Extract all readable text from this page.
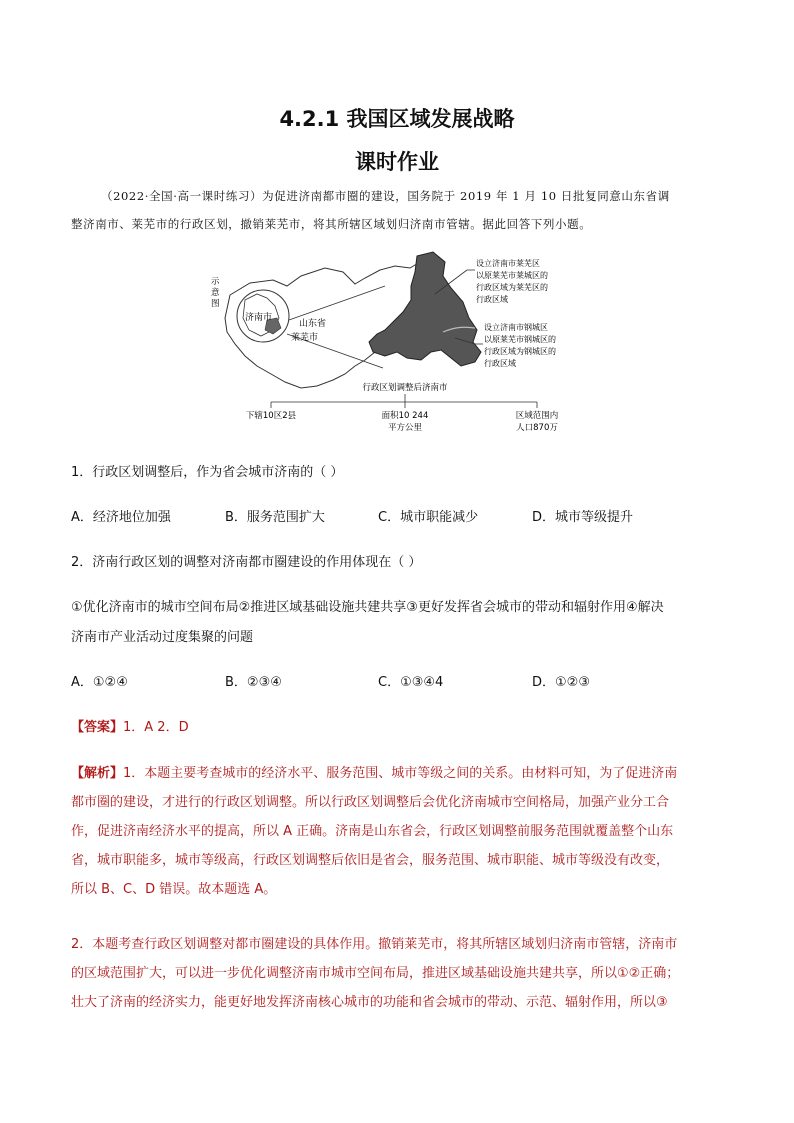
4.2.1 我国区域发展战略
课时作业
（2022·全国·高一课时练习）为促进济南都市圈的建设，国务院于 2019 年 1 月 10 日批复同意山东省调
整济南市、莱芜市的行政区划，撤销莱芜市，将其所辖区域划归济南市管辖。据此回答下列小题。
示
意
图
济南市
山东省
莱芜市
设立济南市莱芜区
以原莱芜市莱城区的
行政区域为莱芜区的
行政区域
设立济南市钢城区
以原莱芜市钢城区的
行政区域为钢城区的
行政区域
行政区划调整后济南市
下辖10区2县	面积10 244
平方公里
区域范围内
人口870万
1．行政区划调整后，作为省会城市济南的（ ）
A．经济地位加强	B．服务范围扩大	C．城市职能减少	D．城市等级提升
2．济南行政区划的调整对济南都市圈建设的作用体现在（ ）
①优化济南市的城市空间布局②推进区域基础设施共建共享③更好发挥省会城市的带动和辐射作用④解决
济南市产业活动过度集聚的问题
A．①②④	B．②③④	C．①③④4	D．①②③
【答案】1．A 2．D

【解析】1．本题主要考查城市的经济水平、服务范围、城市等级之间的关系。由材料可知，为了促进济南

都市圈的建设，才进行的行政区划调整。所以行政区划调整后会优化济南城市空间格局，加强产业分工合

作，促进济南经济水平的提高，所以 A 正确。济南是山东省会，行政区划调整前服务范围就覆盖整个山东

省，城市职能多，城市等级高，行政区划调整后依旧是省会，服务范围、城市职能、城市等级没有改变，

所以 B、C、D 错误。故本题选 A。

2．本题考查行政区划调整对都市圈建设的具体作用。撤销莱芜市，将其所辖区域划归济南市管辖，济南市

的区域范围扩大，可以进一步优化调整济南市城市空间布局，推进区域基础设施共建共享，所以①②正确；

壮大了济南的经济实力，能更好地发挥济南核心城市的功能和省会城市的带动、示范、辐射作用，所以③
